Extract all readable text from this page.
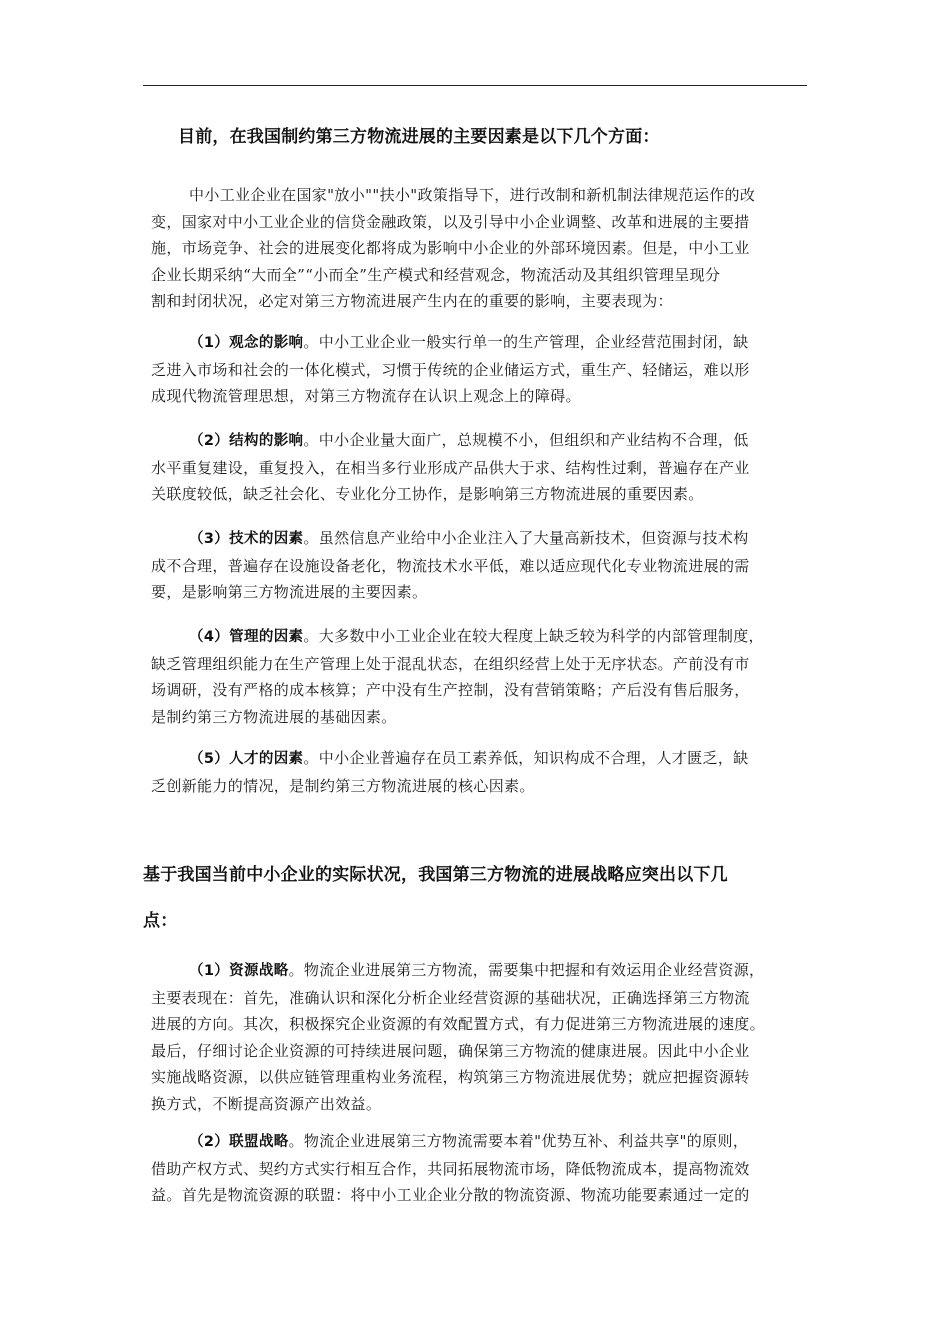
目前，在我国制约第三方物流进展的主要因素是以下几个方面：
中小工业企业在国家"放小""扶小"政策指导下，进行改制和新机制法律规范运作的改
变，国家对中小工业企业的信贷金融政策，以及引导中小企业调整、改革和进展的主要措
施，市场竞争、社会的进展变化都将成为影响中小企业的外部环境因素。但是，中小工业
企业长期采纳“大而全”“小而全”生产模式和经营观念，物流活动及其组织管理呈现分
割和封闭状况，必定对第三方物流进展产生内在的重要的影响，主要表现为：
（1）观念的影响。中小工业企业一般实行单一的生产管理，企业经营范围封闭，缺
乏进入市场和社会的一体化模式，习惯于传统的企业储运方式，重生产、轻储运，难以形
成现代物流管理思想，对第三方物流存在认识上观念上的障碍。
（2）结构的影响。中小企业量大面广，总规模不小，但组织和产业结构不合理，低
水平重复建设，重复投入，在相当多行业形成产品供大于求、结构性过剩，普遍存在产业
关联度较低，缺乏社会化、专业化分工协作，是影响第三方物流进展的重要因素。
（3）技术的因素。虽然信息产业给中小企业注入了大量高新技术，但资源与技术构
成不合理，普遍存在设施设备老化，物流技术水平低，难以适应现代化专业物流进展的需
要，是影响第三方物流进展的主要因素。
（4）管理的因素。大多数中小工业企业在较大程度上缺乏较为科学的内部管理制度，
缺乏管理组织能力在生产管理上处于混乱状态，在组织经营上处于无序状态。产前没有市
场调研，没有严格的成本核算；产中没有生产控制，没有营销策略；产后没有售后服务，
是制约第三方物流进展的基础因素。
（5）人才的因素。中小企业普遍存在员工素养低，知识构成不合理，人才匮乏，缺
乏创新能力的情况，是制约第三方物流进展的核心因素。
基于我国当前中小企业的实际状况，我国第三方物流的进展战略应突出以下几
点：
（1）资源战略。物流企业进展第三方物流，需要集中把握和有效运用企业经营资源，
主要表现在：首先，准确认识和深化分析企业经营资源的基础状况，正确选择第三方物流
进展的方向。其次，积极探究企业资源的有效配置方式，有力促进第三方物流进展的速度。
最后，仔细讨论企业资源的可持续进展问题，确保第三方物流的健康进展。因此中小企业
实施战略资源，以供应链管理重构业务流程，构筑第三方物流进展优势；就应把握资源转
换方式，不断提高资源产出效益。
（2）联盟战略。物流企业进展第三方物流需要本着"优势互补、利益共享"的原则，
借助产权方式、契约方式实行相互合作，共同拓展物流市场，降低物流成本，提高物流效
益。首先是物流资源的联盟：将中小工业企业分散的物流资源、物流功能要素通过一定的
